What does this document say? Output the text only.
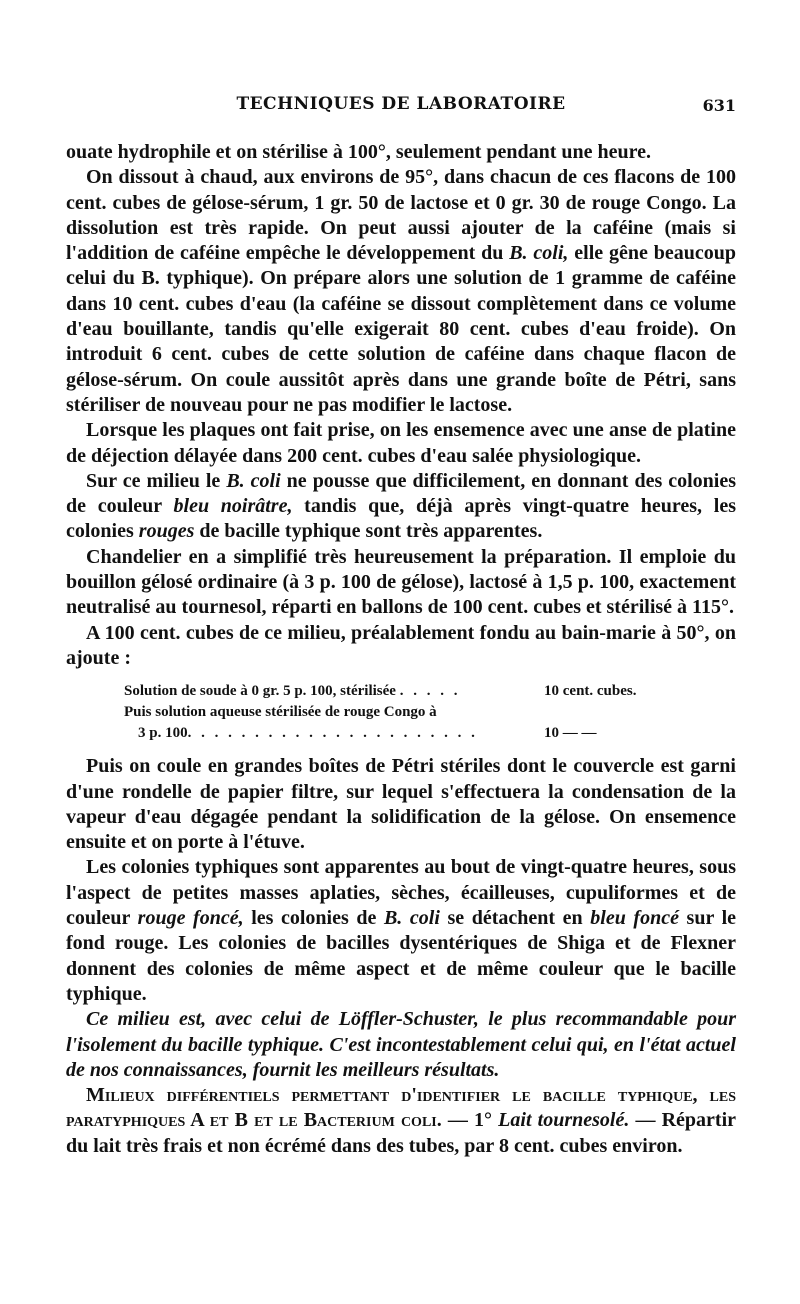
TECHNIQUES DE LABORATOIRE	631

ouate hydrophile et on stérilise à 100°, seulement pendant une heure.

On dissout à chaud, aux environs de 95°, dans chacun de ces flacons de 100 cent. cubes de gélose-sérum, 1 gr. 50 de lactose et 0 gr. 30 de rouge Congo. La dissolution est très rapide. On peut aussi ajouter de la caféine (mais si l'addition de caféine empêche le développement du B. coli, elle gêne beaucoup celui du B. typhique). On prépare alors une solution de 1 gramme de caféine dans 10 cent. cubes d'eau (la caféine se dissout complètement dans ce volume d'eau bouillante, tandis qu'elle exigerait 80 cent. cubes d'eau froide). On introduit 6 cent. cubes de cette solution de caféine dans chaque flacon de gélose-sérum. On coule aussitôt après dans une grande boîte de Pétri, sans stériliser de nouveau pour ne pas modifier le lactose.

Lorsque les plaques ont fait prise, on les ensemence avec une anse de platine de déjection délayée dans 200 cent. cubes d'eau salée physiologique.

Sur ce milieu le B. coli ne pousse que difficilement, en donnant des colonies de couleur bleu noirâtre, tandis que, déjà après vingt-quatre heures, les colonies rouges de bacille typhique sont très apparentes.

Chandelier en a simplifié très heureusement la préparation. Il emploie du bouillon gélosé ordinaire (à 3 p. 100 de gélose), lactosé à 1,5 p. 100, exactement neutralisé au tournesol, réparti en ballons de 100 cent. cubes et stérilisé à 115°.

A 100 cent. cubes de ce milieu, préalablement fondu au bain-marie à 50°, on ajoute :

Solution de soude à 0 gr. 5 p. 100, stérilisée . . . . .	10 cent. cubes.
Puis solution aqueuse stérilisée de rouge Congo à
3 p. 100. . . . . . . . . . . . . . . . . . . . . .	10 — —

Puis on coule en grandes boîtes de Pétri stériles dont le couvercle est garni d'une rondelle de papier filtre, sur lequel s'effectuera la condensation de la vapeur d'eau dégagée pendant la solidification de la gélose. On ensemence ensuite et on porte à l'étuve.

Les colonies typhiques sont apparentes au bout de vingt-quatre heures, sous l'aspect de petites masses aplaties, sèches, écailleuses, cupuliformes et de couleur rouge foncé, les colonies de B. coli se détachent en bleu foncé sur le fond rouge. Les colonies de bacilles dysentériques de Shiga et de Flexner donnent des colonies de même aspect et de même couleur que le bacille typhique.

Ce milieu est, avec celui de Löffler-Schuster, le plus recommandable pour l'isolement du bacille typhique. C'est incontestablement celui qui, en l'état actuel de nos connaissances, fournit les meilleurs résultats.

Milieux différentiels permettant d'identifier le bacille typhique, les paratyphiques A et B et le Bacterium coli. — 1° Lait tournesolé. — Répartir du lait très frais et non écrémé dans des tubes, par 8 cent. cubes environ.
